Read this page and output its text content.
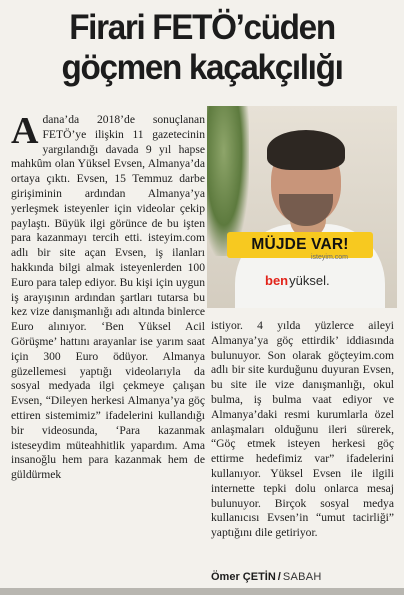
Firari FETÖ’cüden
göçmen kaçakçılığı
Adana’da 2018’de sonuçlanan FETÖ’ye ilişkin 11 gazetecinin yargılandığı davada 9 yıl hapse mahkûm olan Yüksel Evsen, Almanya’da ortaya çıktı. Evsen, 15 Temmuz darbe girişiminin ardından Almanya’ya yerleşmek isteyenler için videolar çekip paylaştı. Büyük ilgi görünce de bu işten para kazanmayı tercih etti. isteyim.com adlı bir site açan Evsen, iş ilanları hakkında bilgi almak isteyenlerden 100 Euro para talep ediyor. Bu kişi için uygun iş arayışının ardından şartları tutarsa bu kez vize danışmanlığı adı altında binlerce Euro alınıyor. ‘Ben Yüksel Acil Görüşme’ hattını arayanlar ise yarım saat için 300 Euro ödüyor. Almanya güzellemesi yaptığı videolarıyla da sosyal medyada ilgi çekmeye çalışan Evsen, “Dileyen herkesi Almanya’ya göç ettiren sistemimiz” ifadelerini kullandığı bir videosunda, ‘Para kazanmak isteseydim müteahhitlik yapardım. Ama insanoğlu hem para kazanmak hem de güldürmek
MÜJDE VAR!
isteyim.com
benyüksel.
istiyor. 4 yılda yüzlerce aileyi Almanya’ya göç ettirdik’ iddiasında bulunuyor. Son olarak göçteyim.com adlı bir site kurduğunu duyuran Evsen, bu site ile vize danışmanlığı, okul bulma, iş bulma vaat ediyor ve Almanya’daki resmi kurumlarla özel anlaşmaları olduğunu ileri sürerek, “Göç etmek isteyen herkesi göç ettirme hedefimiz var” ifadelerini kullanıyor. Yüksel Evsen ile ilgili internette tepki dolu onlarca mesaj bulunuyor. Birçok sosyal medya kullanıcısı Evsen’in “umut tacirliği” yaptığını dile getiriyor.
Ömer ÇETİN / SABAH
